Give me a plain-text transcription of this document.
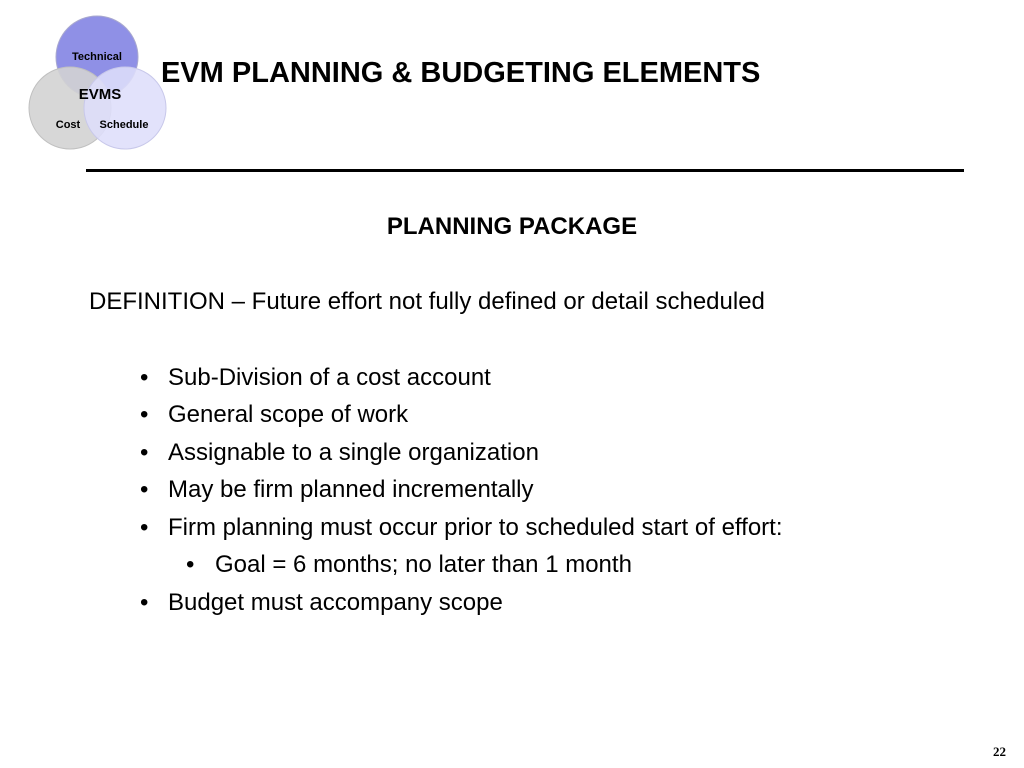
Technical
EVMS
Cost Schedule
EVM PLANNING & BUDGETING ELEMENTS
PLANNING PACKAGE

DEFINITION – Future effort not fully defined or detail scheduled

• Sub-Division of a cost account
• General scope of work
• Assignable to a single organization
• May be firm planned incrementally
• Firm planning must occur prior to scheduled start of effort:
• Goal = 6 months; no later than 1 month
• Budget must accompany scope
22
